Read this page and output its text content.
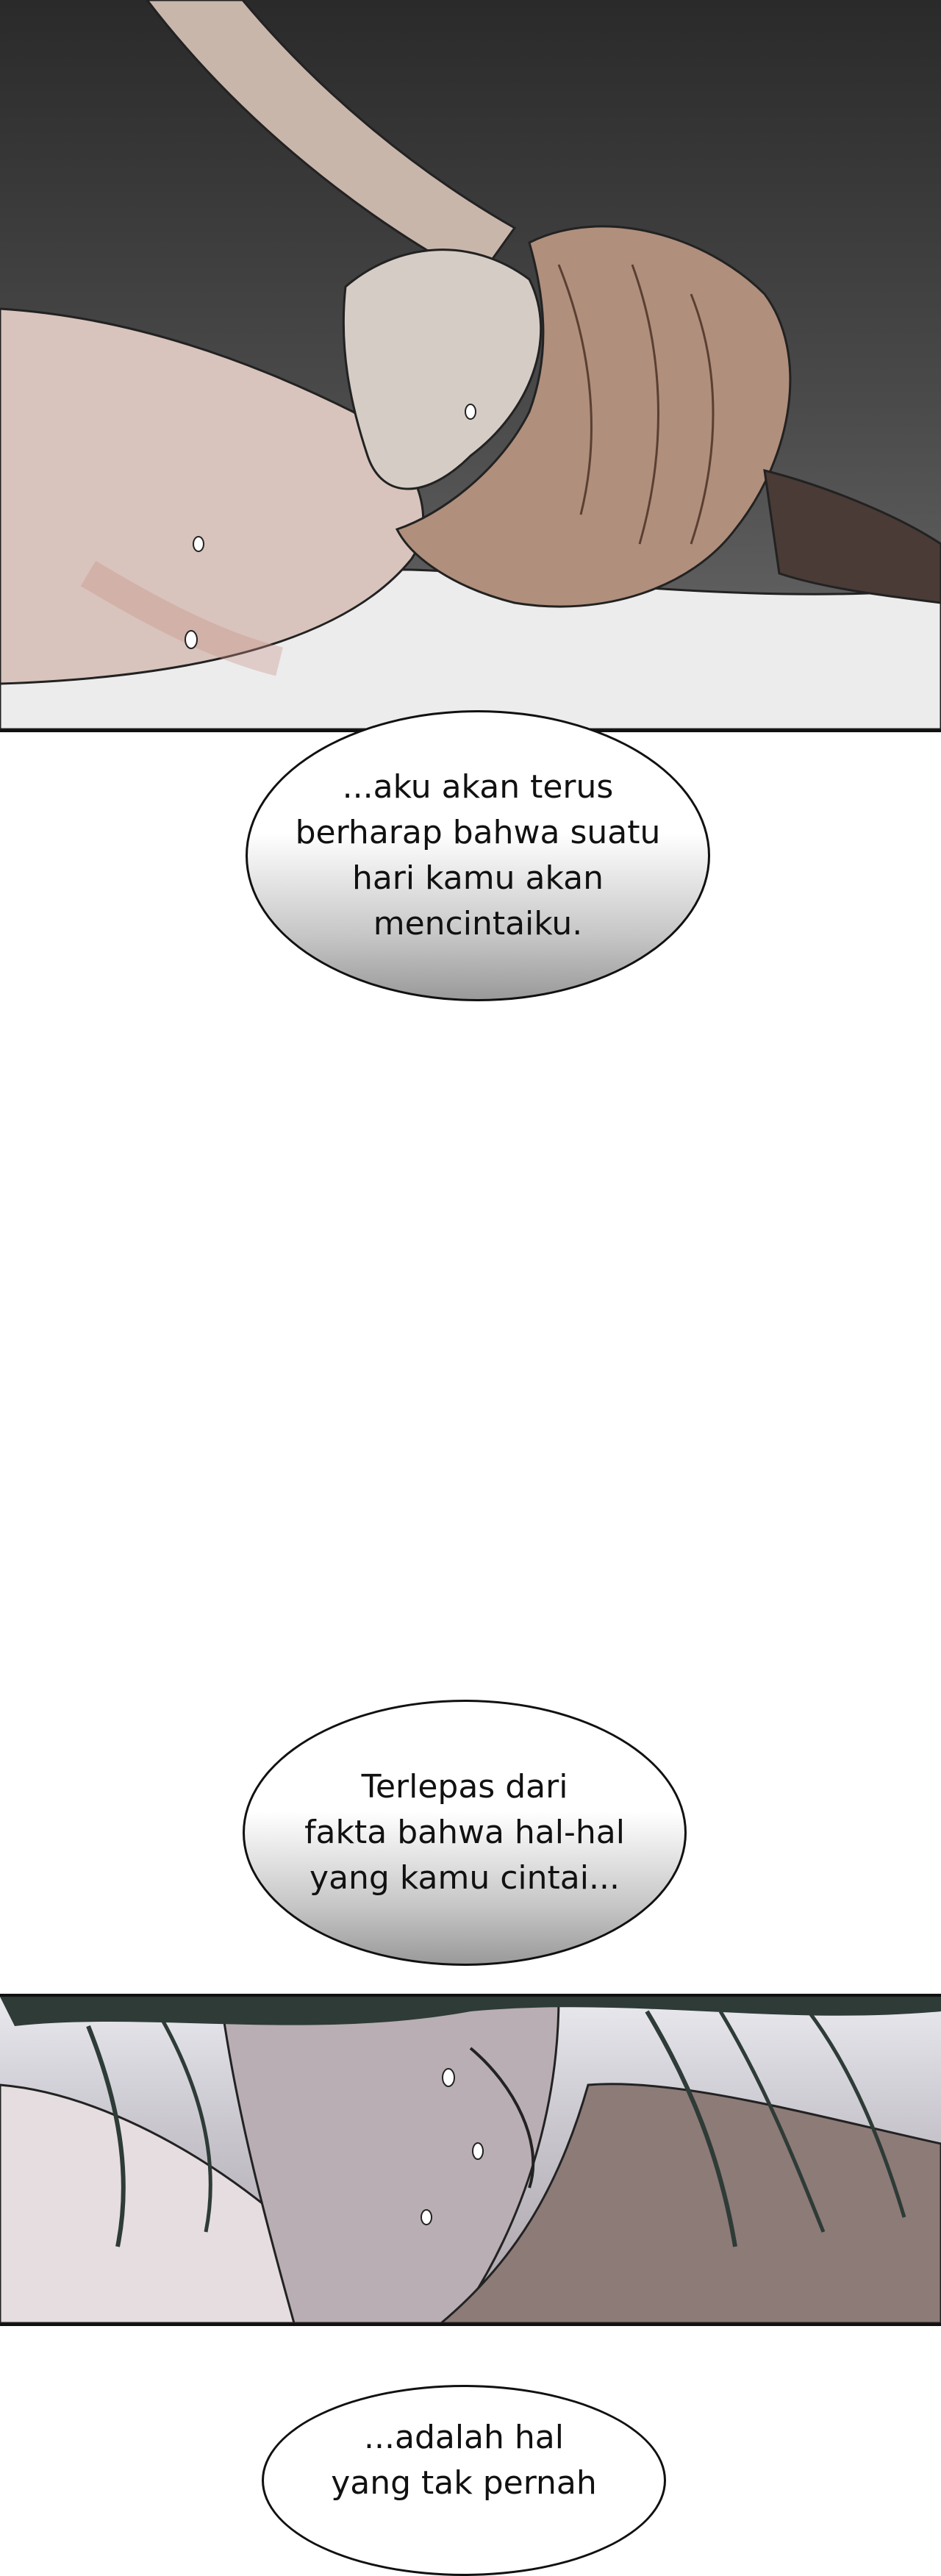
...aku akan terus
berharap bahwa suatu
hari kamu akan
mencintaiku.
Terlepas dari
fakta bahwa hal-hal
yang kamu cintai...
...adalah hal
yang tak pernah
